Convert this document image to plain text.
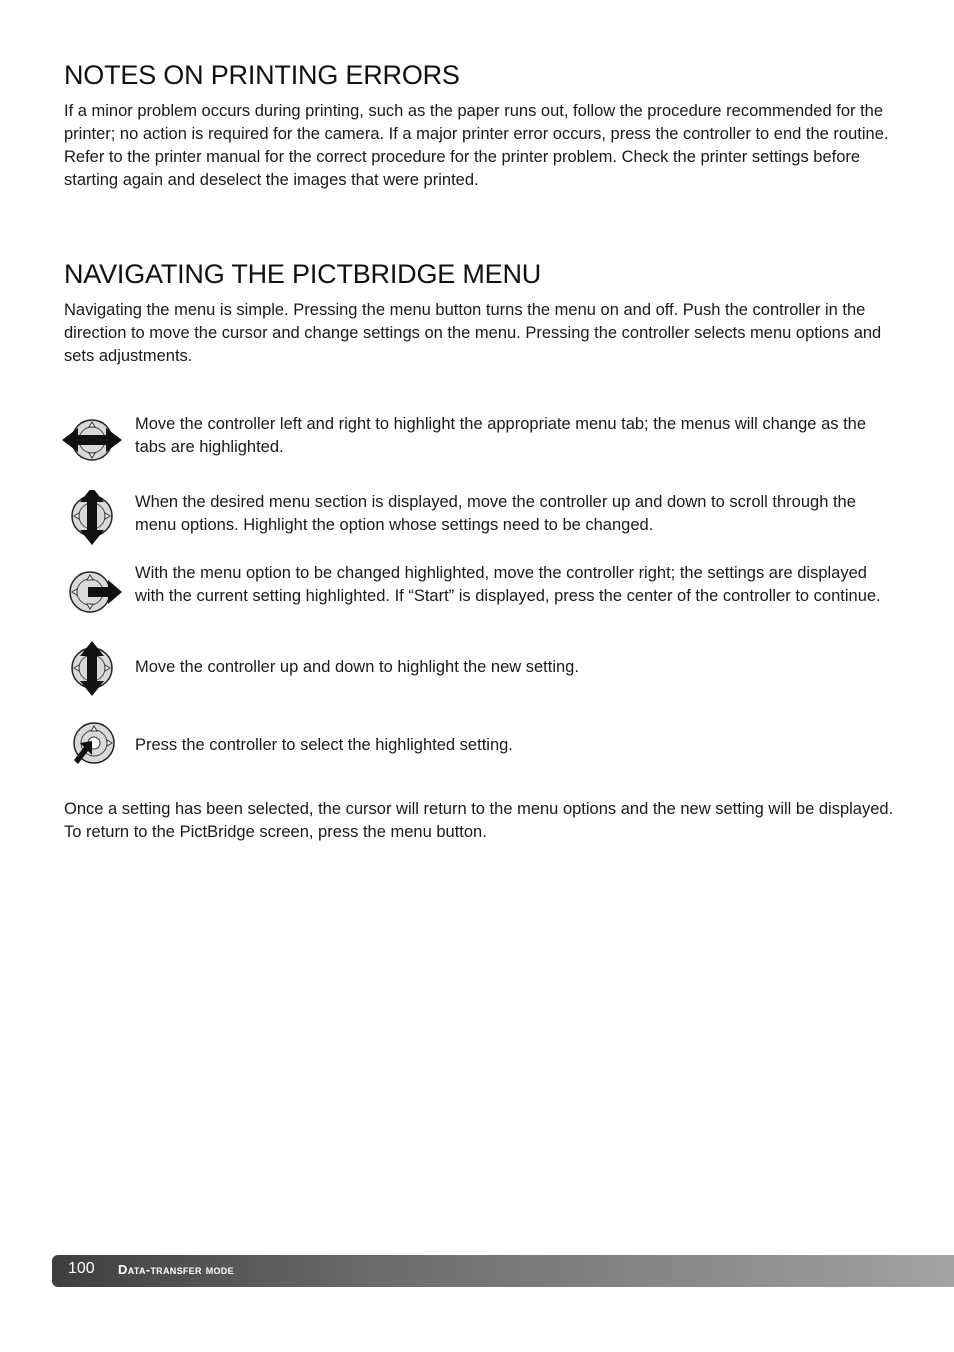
NOTES ON PRINTING ERRORS

If a minor problem occurs during printing, such as the paper runs out, follow the procedure recommended for the printer; no action is required for the camera. If a major printer error occurs, press the controller to end the routine. Refer to the printer manual for the correct procedure for the printer problem. Check the printer settings before starting again and deselect the images that were printed.

NAVIGATING THE PICTBRIDGE MENU

Navigating the menu is simple. Pressing the menu button turns the menu on and off. Push the controller in the direction to move the cursor and change settings on the menu. Pressing the controller selects menu options and sets adjustments.

Move the controller left and right to highlight the appropriate menu tab; the menus will change as the tabs are highlighted.

When the desired menu section is displayed, move the controller up and down to scroll through the menu options. Highlight the option whose settings need to be changed.

With the menu option to be changed highlighted, move the controller right; the settings are displayed with the current setting highlighted. If “Start” is displayed, press the center of the controller to continue.

Move the controller up and down to highlight the new setting.

Press the controller to select the highlighted setting.

Once a setting has been selected, the cursor will return to the menu options and the new setting will be displayed. To return to the PictBridge screen, press the menu button.

100 Data-transfer mode
